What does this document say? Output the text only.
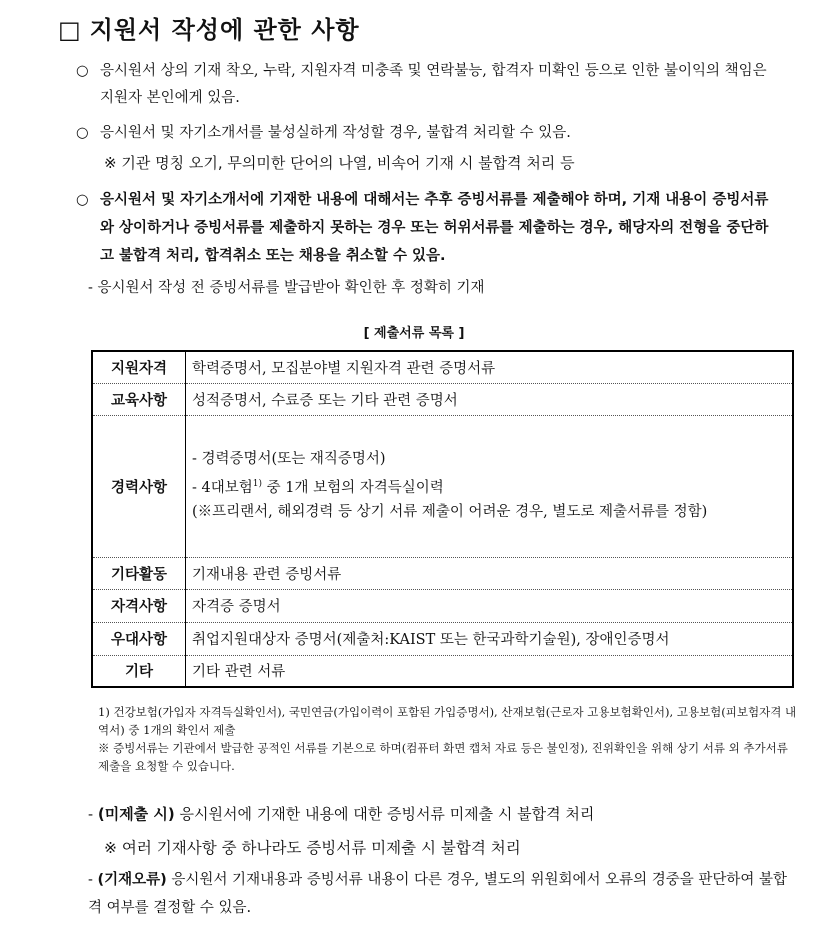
□ 지원서 작성에 관한 사항
○ 응시원서 상의 기재 착오, 누락, 지원자격 미충족 및 연락불능, 합격자 미확인 등으로 인한 불이익의 책임은 지원자 본인에게 있음.
○ 응시원서 및 자기소개서를 불성실하게 작성할 경우, 불합격 처리할 수 있음.
※ 기관 명칭 오기, 무의미한 단어의 나열, 비속어 기재 시 불합격 처리 등
○ 응시원서 및 자기소개서에 기재한 내용에 대해서는 추후 증빙서류를 제출해야 하며, 기재 내용이 증빙서류와 상이하거나 증빙서류를 제출하지 못하는 경우 또는 허위서류를 제출하는 경우, 해당자의 전형을 중단하고 불합격 처리, 합격취소 또는 채용을 취소할 수 있음.
- 응시원서 작성 전 증빙서류를 발급받아 확인한 후 정확히 기재
[ 제출서류 목록 ]
지원자격	학력증명서, 모집분야별 지원자격 관련 증명서류
교육사항	성적증명서, 수료증 또는 기타 관련 증명서
경력사항	- 경력증명서(또는 재직증명서)
- 4대보험$^{1)}$ 중 1개 보험의 자격득실이력
(※프리랜서, 해외경력 등 상기 서류 제출이 어려운 경우, 별도로 제출서류를 정함)

기타활동	기재내용 관련 증빙서류
자격사항	자격증 증명서
우대사항	취업지원대상자 증명서(제출처:KAIST 또는 한국과학기술원), 장애인증명서
기타	기타 관련 서류
1) 건강보험(가입자 자격득실확인서), 국민연금(가입이력이 포함된 가입증명서), 산재보험(근로자 고용보험확인서), 고용보험(피보험자격 내역서) 중 1개의 확인서 제출
※ 증빙서류는 기관에서 발급한 공적인 서류를 기본으로 하며(컴퓨터 화면 캡처 자료 등은 불인정), 진위확인을 위해 상기 서류 외 추가서류 제출을 요청할 수 있습니다.
- (미제출 시) 응시원서에 기재한 내용에 대한 증빙서류 미제출 시 불합격 처리
※ 여러 기재사항 중 하나라도 증빙서류 미제출 시 불합격 처리
- (기재오류) 응시원서 기재내용과 증빙서류 내용이 다른 경우, 별도의 위원회에서 오류의 경중을 판단하여 불합격 여부를 결정할 수 있음.
